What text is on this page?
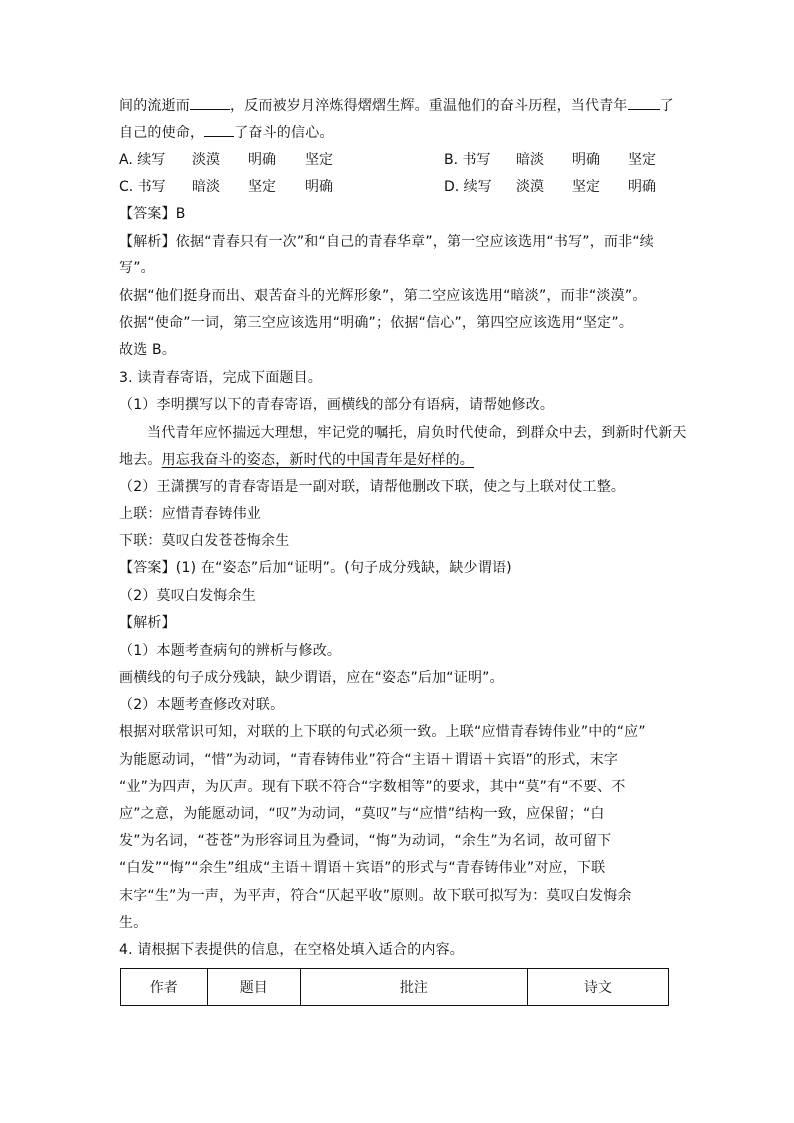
间的流逝而	，反而被岁月淬炼得熠熠生辉。重温他们的奋斗历程，当代青年 了
自己的使命， 了奋斗的信心。
A. 续写 淡漠 明确 坚定	B. 书写 暗淡 明确 坚定
C. 书写 暗淡 坚定 明确	D. 续写 淡漠 坚定 明确
【答案】B
【解析】依据“青春只有一次”和“自己的青春华章”，第一空应该选用“书写”，而非“续
写”。
依据“他们挺身而出、艰苦奋斗的光辉形象”，第二空应该选用“暗淡”，而非“淡漠”。
依据“使命”一词，第三空应该选用“明确”；依据“信心”，第四空应该选用“坚定”。
故选 B。
3. 读青春寄语，完成下面题目。
（1）李明撰写以下的青春寄语，画横线的部分有语病，请帮她修改。
当代青年应怀揣远大理想，牢记党的嘱托，肩负时代使命，到群众中去，到新时代新天
地去。用忘我奋斗的姿态，新时代的中国青年是好样的。
（2）王潇撰写的青春寄语是一副对联，请帮他删改下联，使之与上联对仗工整。
上联：应惜青春铸伟业
下联：莫叹白发苍苍悔余生
【答案】(1) 在“姿态”后加“证明”。(句子成分残缺，缺少谓语)
（2）莫叹白发悔余生
【解析】
（1）本题考查病句的辨析与修改。
画横线的句子成分残缺，缺少谓语，应在“姿态”后加“证明”。
（2）本题考查修改对联。
根据对联常识可知，对联的上下联的句式必须一致。上联“应惜青春铸伟业”中的“应”
为能愿动词，“惜”为动词，“青春铸伟业”符合“主语＋谓语＋宾语”的形式，末字
“业”为四声，为仄声。现有下联不符合“字数相等”的要求，其中“莫”有“不要、不
应”之意，为能愿动词，“叹”为动词，“莫叹”与“应惜”结构一致，应保留；“白
发”为名词，“苍苍”为形容词且为叠词，“悔”为动词，“余生”为名词，故可留下
“白发”“悔”“余生”组成“主语＋谓语＋宾语”的形式与“青春铸伟业”对应，下联
末字“生”为一声，为平声，符合“仄起平收”原则。故下联可拟写为：莫叹白发悔余
生。
4. 请根据下表提供的信息，在空格处填入适合的内容。
作者	题目	批注	诗文
